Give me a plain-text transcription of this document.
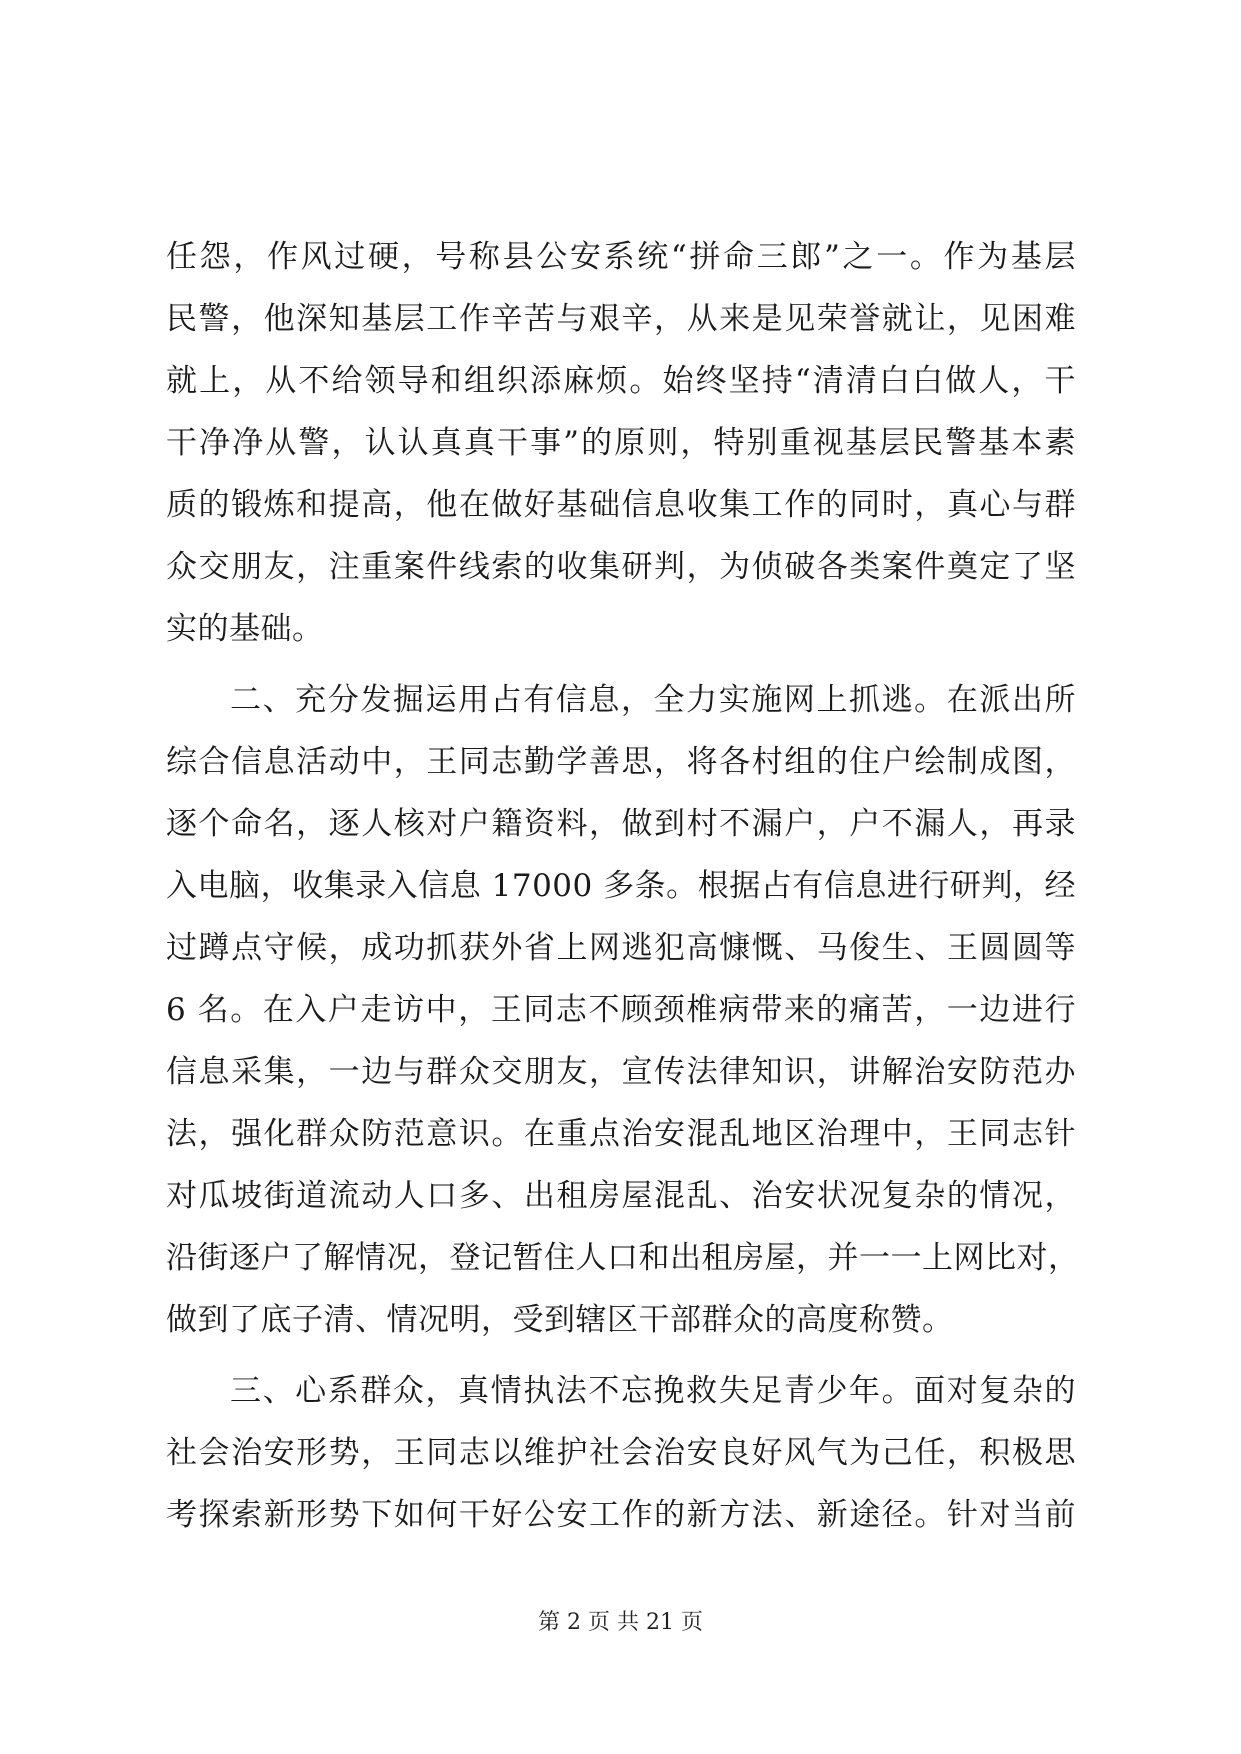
任怨，作风过硬，号称县公安系统“拼命三郎”之一。作为基层
民警，他深知基层工作辛苦与艰辛，从来是见荣誉就让，见困难
就上，从不给领导和组织添麻烦。始终坚持“清清白白做人，干
干净净从警，认认真真干事”的原则，特别重视基层民警基本素
质的锻炼和提高，他在做好基础信息收集工作的同时，真心与群
众交朋友，注重案件线索的收集研判，为侦破各类案件奠定了坚
实的基础。
二、充分发掘运用占有信息，全力实施网上抓逃。在派出所
综合信息活动中，王同志勤学善思，将各村组的住户绘制成图，
逐个命名，逐人核对户籍资料，做到村不漏户，户不漏人，再录
入电脑，收集录入信息 17000 多条。根据占有信息进行研判，经
过蹲点守候，成功抓获外省上网逃犯高慷慨、马俊生、王圆圆等
6 名。在入户走访中，王同志不顾颈椎病带来的痛苦，一边进行
信息采集，一边与群众交朋友，宣传法律知识，讲解治安防范办
法，强化群众防范意识。在重点治安混乱地区治理中，王同志针
对瓜坡街道流动人口多、出租房屋混乱、治安状况复杂的情况，
沿街逐户了解情况，登记暂住人口和出租房屋，并一一上网比对，
做到了底子清、情况明，受到辖区干部群众的高度称赞。
三、心系群众，真情执法不忘挽救失足青少年。面对复杂的
社会治安形势，王同志以维护社会治安良好风气为己任，积极思
考探索新形势下如何干好公安工作的新方法、新途径。针对当前
第 2 页 共 21 页
